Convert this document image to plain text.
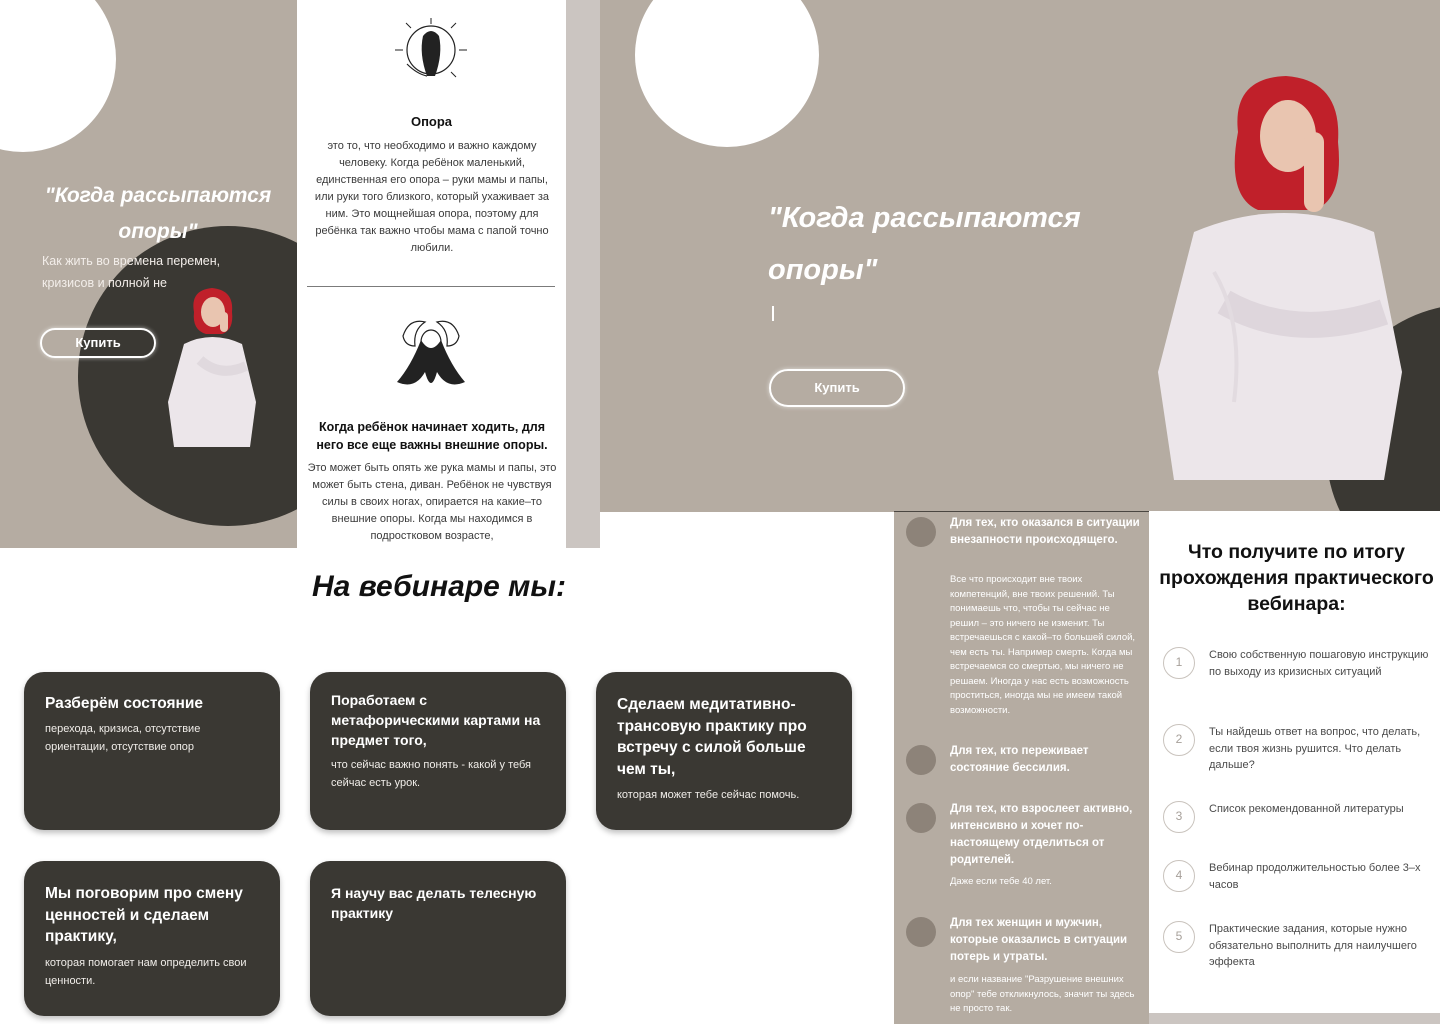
"Когда рассыпаются опоры"
Как жить во времена перемен, кризисов и полной не
Купить
Опора
это то, что необходимо и важно каждому человеку. Когда ребёнок маленький, единственная его опора – руки мамы и папы, или руки того близкого, который ухаживает за ним. Это мощнейшая опора, поэтому для ребёнка так важно чтобы мама с папой точно любили.
Когда ребёнок начинает ходить, для него все еще важны внешние опоры.
Это может быть опять же рука мамы и папы, это может быть стена, диван. Ребёнок не чувствуя силы в своих ногах, опирается на какие–то внешние опоры. Когда мы находимся в подростковом возрасте,
"Когда рассыпаются опоры"
Купить
На вебинаре мы:
Разберём состояние
перехода, кризиса, отсутствие ориентации, отсутствие опор
Поработаем с метафорическими картами на предмет того,
что сейчас важно понять - какой у тебя сейчас есть урок.
Сделаем медитативно-трансовую практику про встречу с силой больше чем ты,
которая может тебе сейчас помочь.
Мы поговорим про смену ценностей и сделаем практику,
которая помогает нам определить свои ценности.
Я научу вас делать телесную практику
Для тех, кто оказался в ситуации внезапности происходящего.
Все что происходит вне твоих компетенций, вне твоих решений. Ты понимаешь что, чтобы ты сейчас не решил – это ничего не изменит. Ты встречаешься с какой–то большей силой, чем есть ты. Например смерть. Когда мы встречаемся со смертью, мы ничего не решаем. Иногда у нас есть возможность проститься, иногда мы не имеем такой возможности.
Для тех, кто переживает состояние бессилия.
Для тех, кто взрослеет активно, интенсивно и хочет по-настоящему отделиться от родителей.
Даже если тебе 40 лет.
Для тех женщин и мужчин, которые оказались в ситуации потерь и утраты.
и если название "Разрушение внешних опор" тебе откликнулось, значит ты здесь не просто так.
Что получите по итогу прохождения практического вебинара:
1	Свою собственную пошаговую инструкцию по выходу из кризисных ситуаций
2	Ты найдешь ответ на вопрос, что делать, если твоя жизнь рушится. Что делать дальше?
3	Список рекомендованной литературы
4	Вебинар продолжительностью более 3–х часов
5	Практические задания, которые нужно обязательно выполнить для наилучшего эффекта
